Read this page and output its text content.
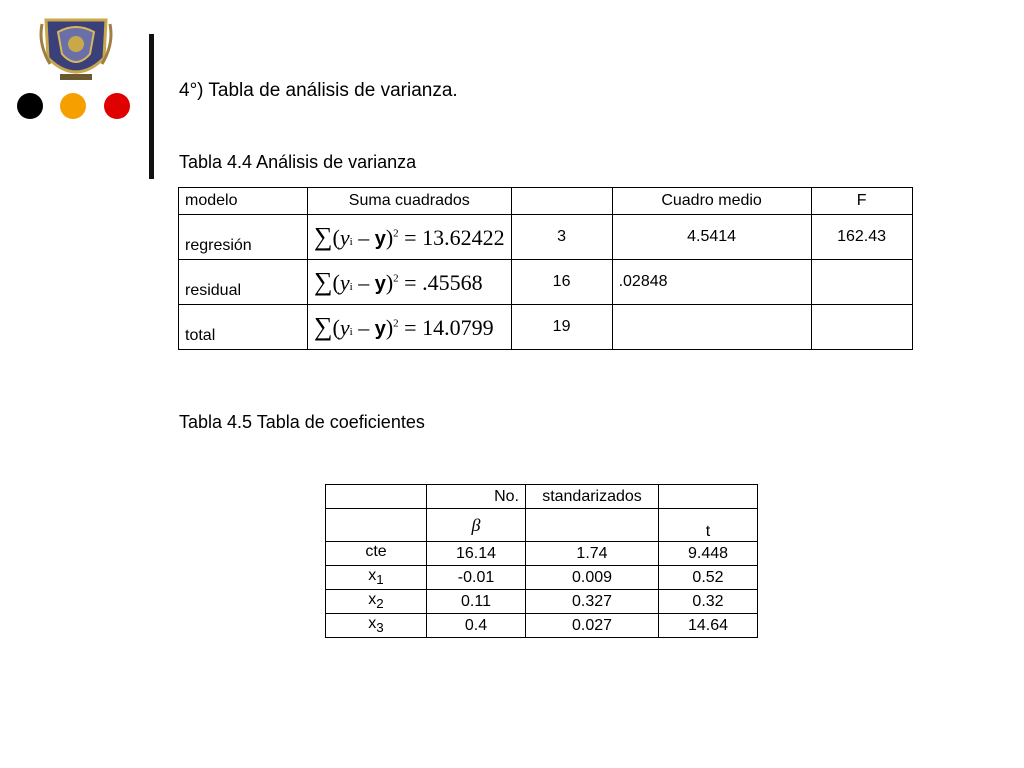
4°) Tabla de análisis de varianza.
Tabla 4.4 Análisis de varianza
modelo	Suma cuadrados		Cuadro medio	F
regresión	∑(yi – y)$^2$ = 13.62422	3	4.5414	162.43
residual	∑(yi – y)$^2$ = .45568	16	.02848	
total	∑(yi – y)$^2$ = 14.0799	19		
Tabla 4.5 Tabla de coeficientes
	No.	standarizados	
	β		t
cte	16.14	1.74	9.448
$x_1$	-0.01	0.009	0.52
$x_2$	0.11	0.327	0.32
$x_3$	0.4	0.027	14.64
